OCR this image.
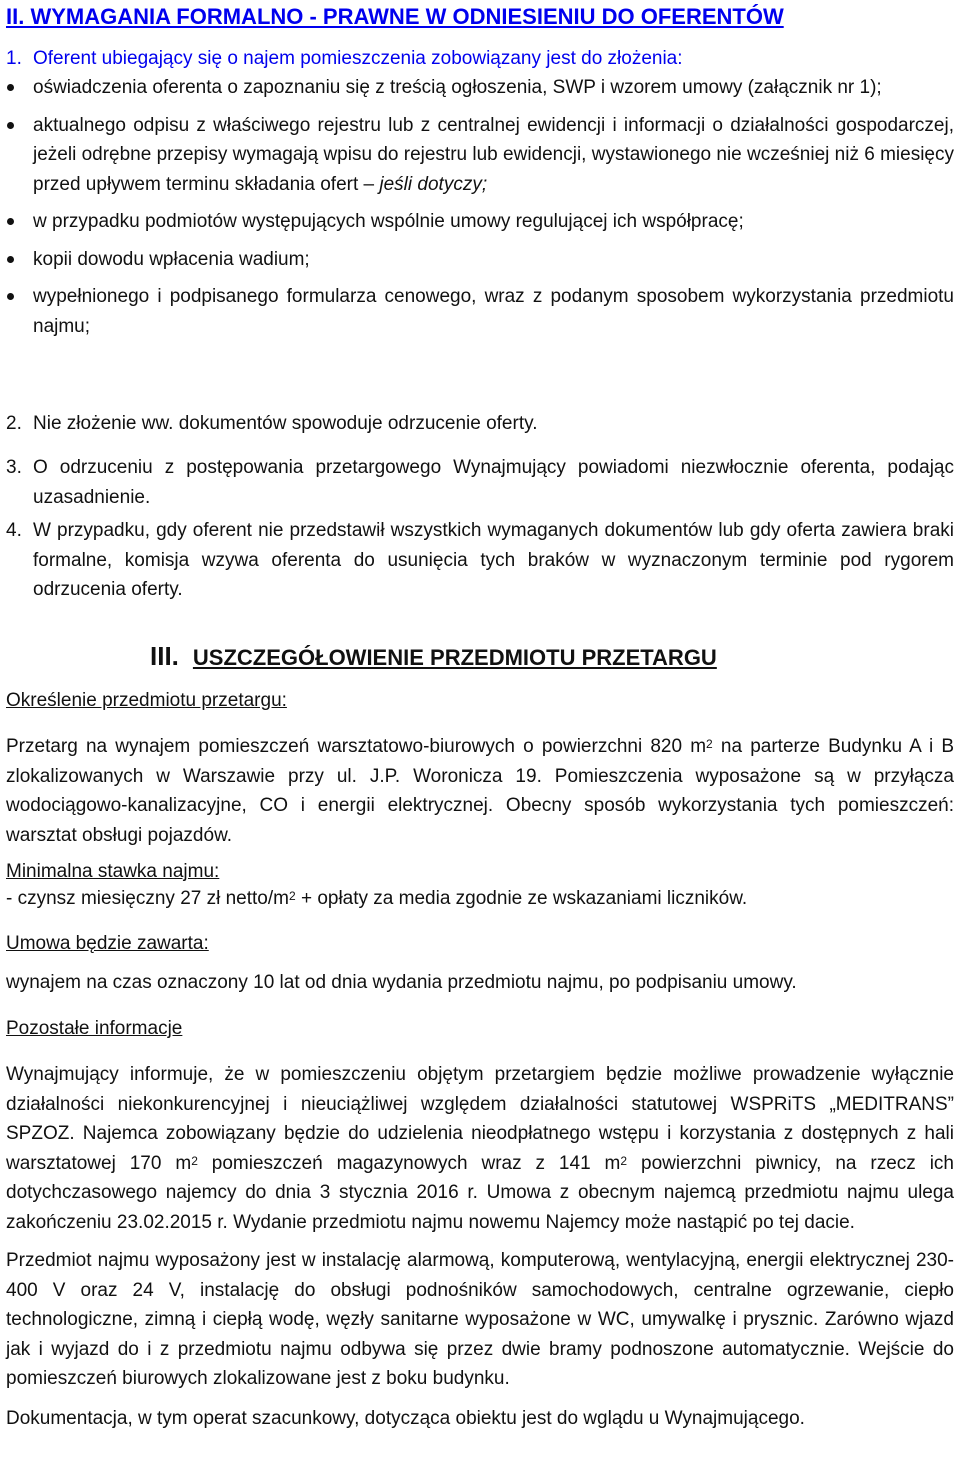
II. WYMAGANIA FORMALNO - PRAWNE W ODNIESIENIU DO OFERENTÓW

1. Oferent ubiegający się o najem pomieszczenia zobowiązany jest do złożenia:

oświadczenia oferenta o zapoznaniu się z treścią ogłoszenia, SWP i wzorem umowy (załącznik nr 1);
aktualnego odpisu z właściwego rejestru lub z centralnej ewidencji i informacji o działalności gospodarczej, jeżeli odrębne przepisy wymagają wpisu do rejestru lub ewidencji, wystawionego nie wcześniej niż 6 miesięcy przed upływem terminu składania ofert – jeśli dotyczy;
w przypadku podmiotów występujących wspólnie umowy regulującej ich współpracę;
kopii dowodu wpłacenia wadium;
wypełnionego i podpisanego formularza cenowego, wraz z podanym sposobem wykorzystania przedmiotu najmu;

2. Nie złożenie ww. dokumentów spowoduje odrzucenie oferty.

3. O odrzuceniu z postępowania przetargowego Wynajmujący powiadomi niezwłocznie oferenta, podając uzasadnienie.
4. W przypadku, gdy oferent nie przedstawił wszystkich wymaganych dokumentów lub gdy oferta zawiera braki formalne, komisja wzywa oferenta do usunięcia tych braków w wyznaczonym terminie pod rygorem odrzucenia oferty.
III. USZCZEGÓŁOWIENIE PRZEDMIOTU PRZETARGU

Określenie przedmiotu przetargu:

Przetarg na wynajem pomieszczeń warsztatowo-biurowych o powierzchni 820 $m^2$ na parterze Budynku A i B zlokalizowanych w Warszawie przy ul. J.P. Woronicza 19. Pomieszczenia wyposażone są w przyłącza wodociągowo-kanalizacyjne, CO i energii elektrycznej. Obecny sposób wykorzystania tych pomieszczeń: warsztat obsługi pojazdów.

Minimalna stawka najmu:

- czynsz miesięczny 27 zł netto/$m^2$ + opłaty za media zgodnie ze wskazaniami liczników.

Umowa będzie zawarta:

wynajem na czas oznaczony 10 lat od dnia wydania przedmiotu najmu, po podpisaniu umowy.

Pozostałe informacje

Wynajmujący informuje, że w pomieszczeniu objętym przetargiem będzie możliwe prowadzenie wyłącznie działalności niekonkurencyjnej i nieuciążliwej względem działalności statutowej WSPRiTS „MEDITRANS” SPZOZ. Najemca zobowiązany będzie do udzielenia nieodpłatnego wstępu i korzystania z dostępnych z hali warsztatowej 170 $m^2$ pomieszczeń magazynowych wraz z 141 $m^2$ powierzchni piwnicy, na rzecz ich dotychczasowego najemcy do dnia 3 stycznia 2016 r. Umowa z obecnym najemcą przedmiotu najmu ulega zakończeniu 23.02.2015 r. Wydanie przedmiotu najmu nowemu Najemcy może nastąpić po tej dacie.

Przedmiot najmu wyposażony jest w instalację alarmową, komputerową, wentylacyjną, energii elektrycznej 230-400 V oraz 24 V, instalację do obsługi podnośników samochodowych, centralne ogrzewanie, ciepło technologiczne, zimną i ciepłą wodę, węzły sanitarne wyposażone w WC, umywalkę i prysznic. Zarówno wjazd jak i wyjazd do i z przedmiotu najmu odbywa się przez dwie bramy podnoszone automatycznie. Wejście do pomieszczeń biurowych zlokalizowane jest z boku budynku.

Dokumentacja, w tym operat szacunkowy, dotycząca obiektu jest do wglądu u Wynajmującego.
